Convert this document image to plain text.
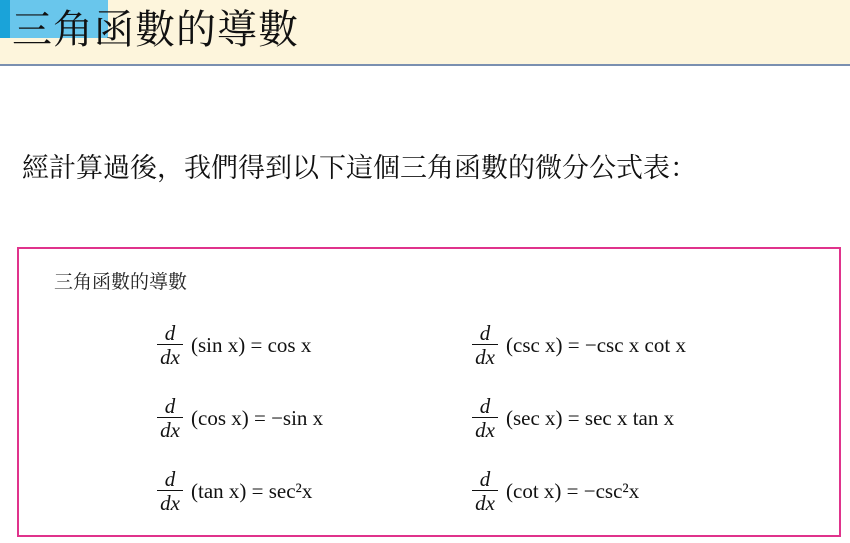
三角函數的導數
經計算過後，我們得到以下這個三角函數的微分公式表：
三角函數的導數
$\frac{d}{dx} (\sin$ x) = cos x
$\frac{d}{dx} (\cos$ x) = −sin x
$\frac{d}{dx} (\tan$ x) = sec²x
$\frac{d}{dx} (\csc$ x) = −csc x cot x
$\frac{d}{dx} (\sec$ x) = sec x tan x
$\frac{d}{dx} (\cot$ x) = −csc²x
